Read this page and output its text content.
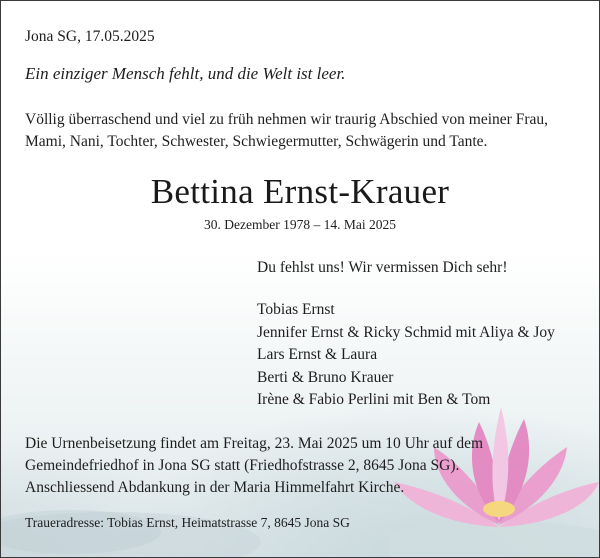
Jona SG, 17.05.2025
Ein einziger Mensch fehlt, und die Welt ist leer.
Völlig überraschend und viel zu früh nehmen wir traurig Abschied von meiner Frau, Mami, Nani, Tochter, Schwester, Schwiegermutter, Schwägerin und Tante.
Bettina Ernst-Krauer
30. Dezember 1978 – 14. Mai 2025
Du fehlst uns! Wir vermissen Dich sehr!
Tobias Ernst
Jennifer Ernst & Ricky Schmid mit Aliya & Joy
Lars Ernst & Laura
Berti & Bruno Krauer
Irène & Fabio Perlini mit Ben & Tom
Die Urnenbeisetzung findet am Freitag, 23. Mai 2025 um 10 Uhr auf dem Gemeindefriedhof in Jona SG statt (Friedhofstrasse 2, 8645 Jona SG). Anschliessend Abdankung in der Maria Himmelfahrt Kirche.
Traueradresse: Tobias Ernst, Heimatstrasse 7, 8645 Jona SG
